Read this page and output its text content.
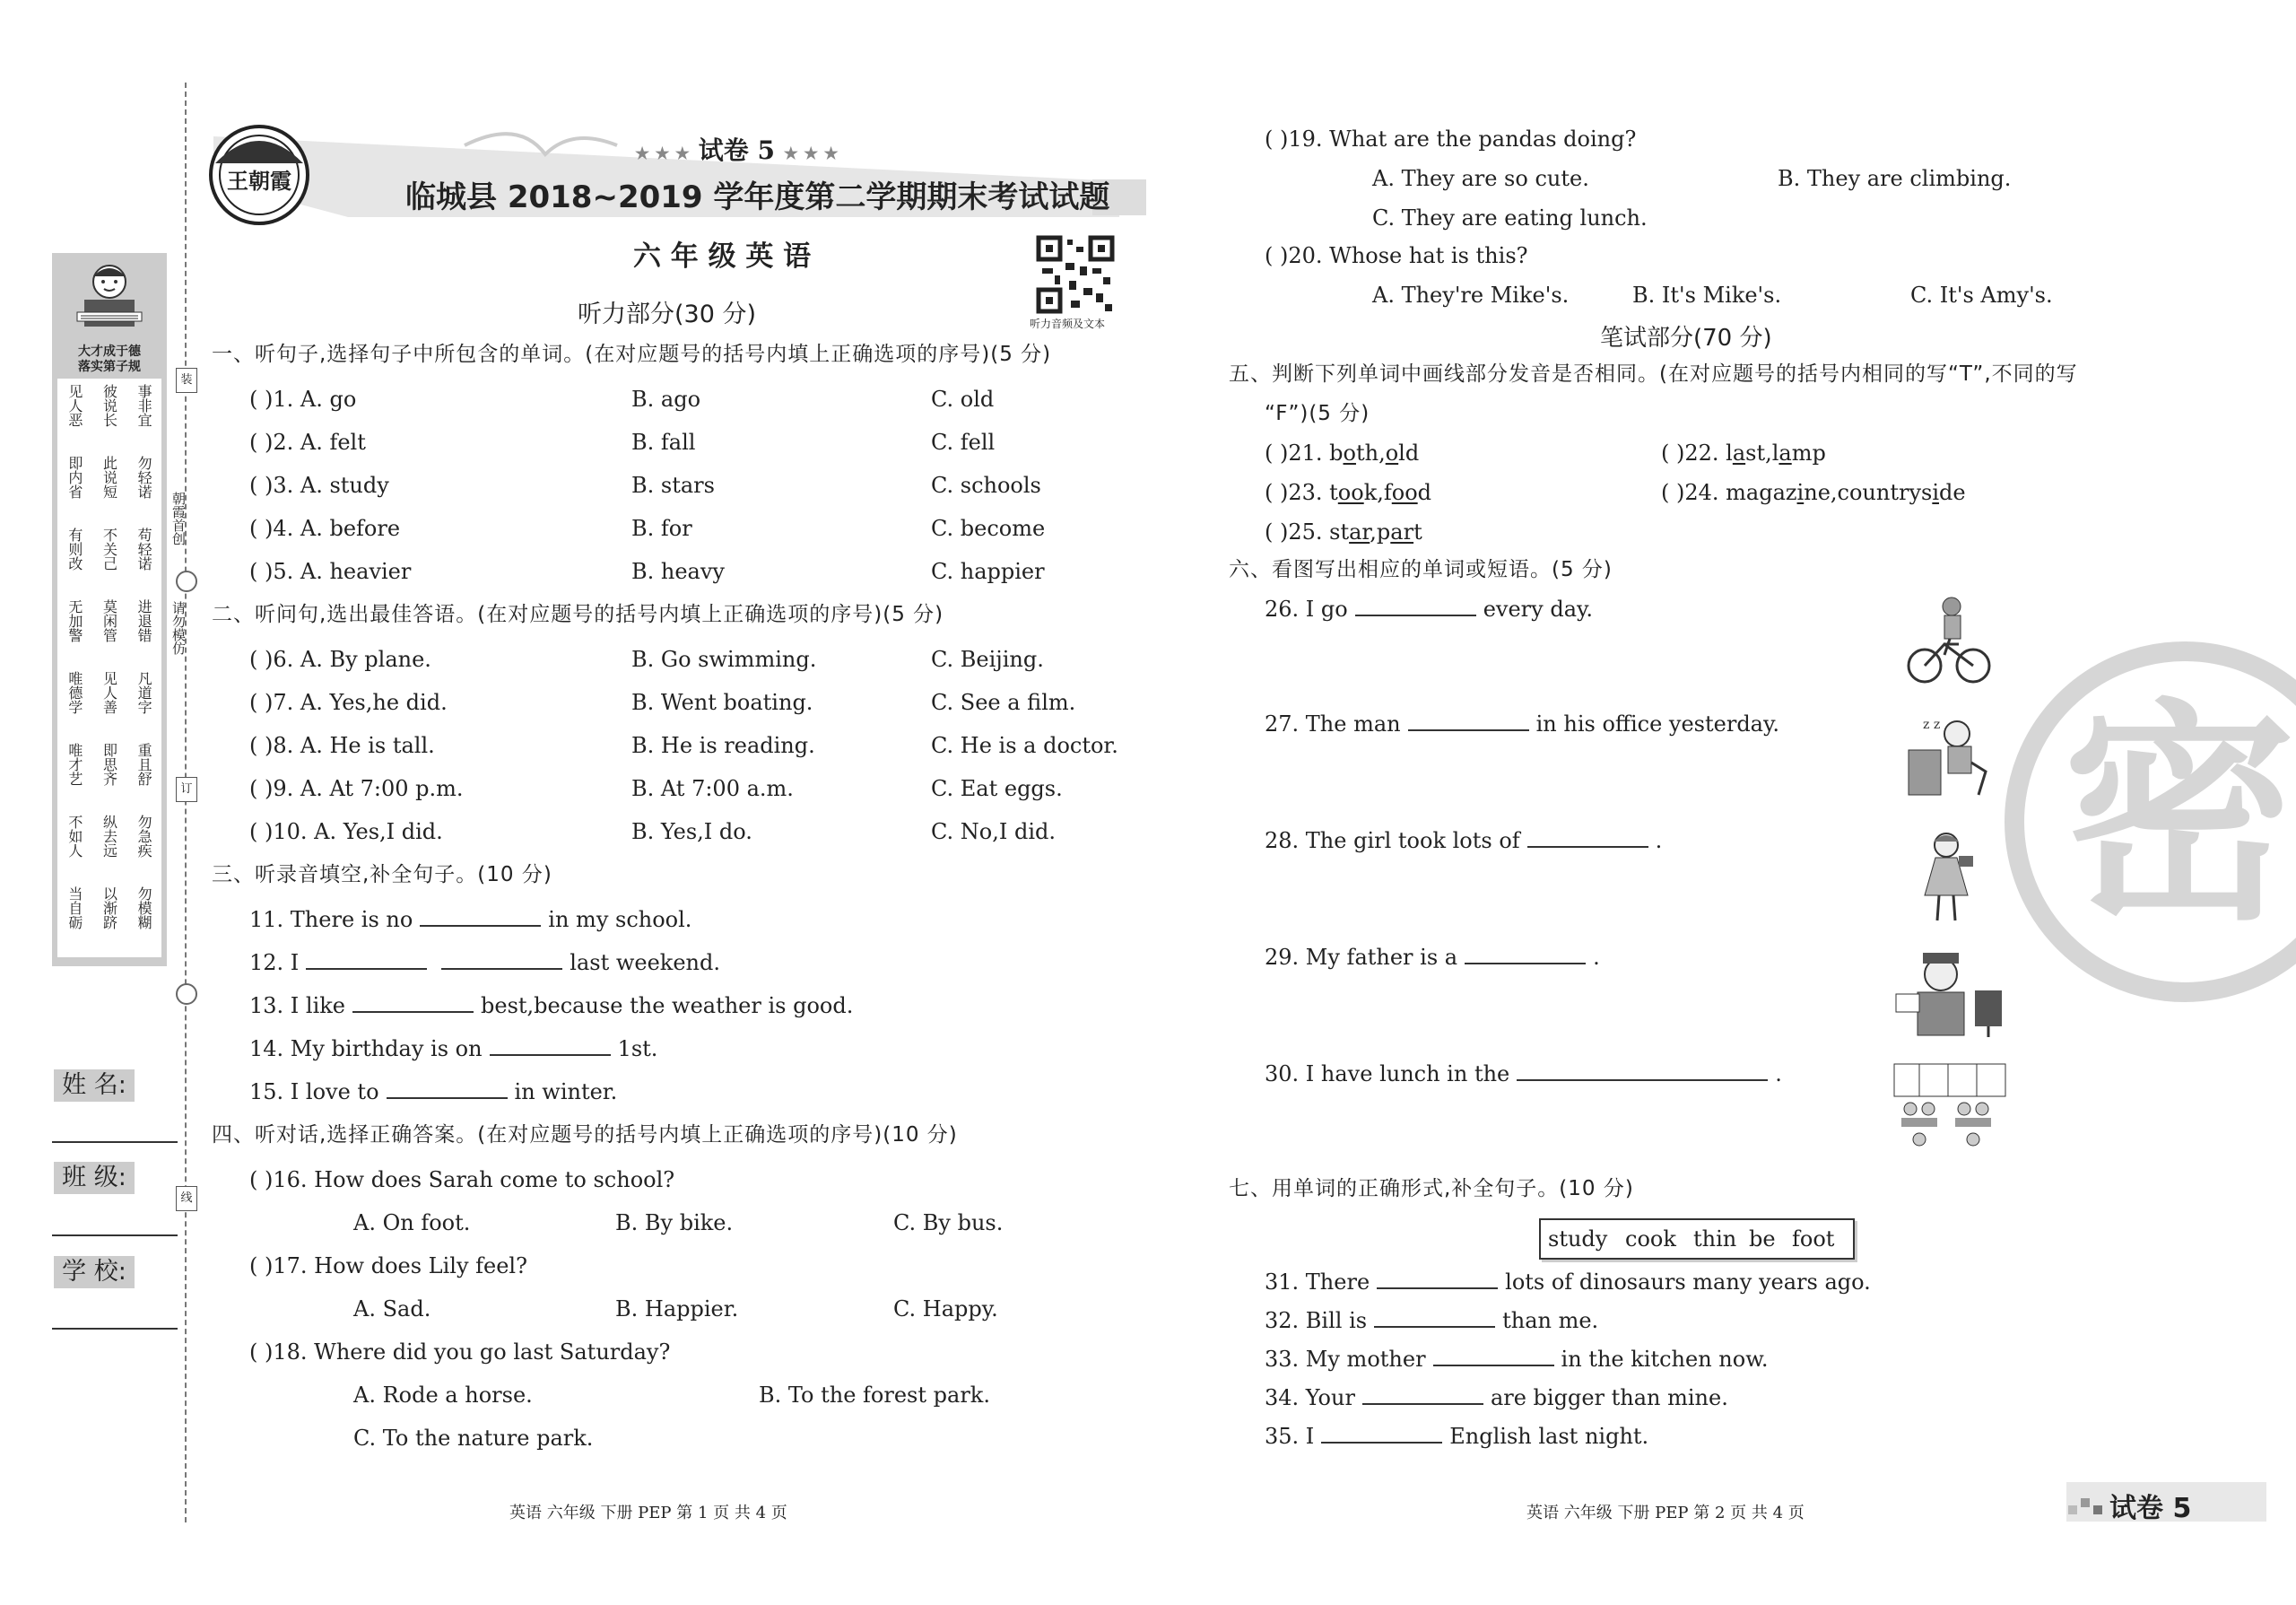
大才成于德
落实第子规
见人恶 彼说长 事非宜
即内省 此说短 勿轻诺
有则改 不关己 苟轻诺
无加警 莫闲管 进退错
唯德学 见人善 凡道字
唯才艺 即思齐 重且舒
不如人 纵去远 勿急疾
当自砺 以渐跻 勿模糊
装
订
线
朝霞首创
请勿模仿
姓 名:
班 级:
学 校:
王朝霞
★ ★ ★ 试卷 5 ★ ★ ★
临城县 2018~2019 学年度第二学期期末考试试题
六 年 级 英 语
听力音频及文本
听力部分(30 分)
一、听句子,选择句子中所包含的单词。(在对应题号的括号内填上正确选项的序号)(5 分)
( )1. A. go	B. ago	C. old
( )2. A. felt	B. fall	C. fell
( )3. A. study	B. stars	C. schools
( )4. A. before	B. for	C. become
( )5. A. heavier	B. heavy	C. happier
二、听问句,选出最佳答语。(在对应题号的括号内填上正确选项的序号)(5 分)
( )6. A. By plane.	B. Go swimming.	C. Beijing.
( )7. A. Yes,he did.	B. Went boating.	C. See a film.
( )8. A. He is tall.	B. He is reading.	C. He is a doctor.
( )9. A. At 7:00 p.m.	B. At 7:00 a.m.	C. Eat eggs.
( )10. A. Yes,I did.	B. Yes,I do.	C. No,I did.
三、听录音填空,补全句子。(10 分)
11. There is no	in my school.
12. I	last weekend.
13. I like	best,because the weather is good.
14. My birthday is on	1st.
15. I love to	in winter.
四、听对话,选择正确答案。(在对应题号的括号内填上正确选项的序号)(10 分)
( )16. How does Sarah come to school?
A. On foot.	B. By bike.	C. By bus.
( )17. How does Lily feel?
A. Sad.	B. Happier.	C. Happy.
( )18. Where did you go last Saturday?
A. Rode a horse.	B. To the forest park.
C. To the nature park.
英语 六年级 下册 PEP 第 1 页 共 4 页
密
( )19. What are the pandas doing?
A. They are so cute.	B. They are climbing.
C. They are eating lunch.
( )20. Whose hat is this?
A. They're Mike's.	B. It's Mike's.	C. It's Amy's.
笔试部分(70 分)
五、判断下列单词中画线部分发音是否相同。(在对应题号的括号内相同的写“T”,不同的写
“F”)(5 分)
( )21. both,old	( )22. last,lamp
( )23. took,food	( )24. magazine,countryside
( )25. star,part
六、看图写出相应的单词或短语。(5 分)
26. I go	every day.
27. The man	in his office yesterday.
28. The girl took lots of	.
29. My father is a	.
30. I have lunch in the	.
z z
七、用单词的正确形式,补全句子。(10 分)
study cook thin be foot
31. There	lots of dinosaurs many years ago.
32. Bill is	than me.
33. My mother	in the kitchen now.
34. Your	are bigger than mine.
35. I	English last night.
英语 六年级 下册 PEP 第 2 页 共 4 页	试卷 5
